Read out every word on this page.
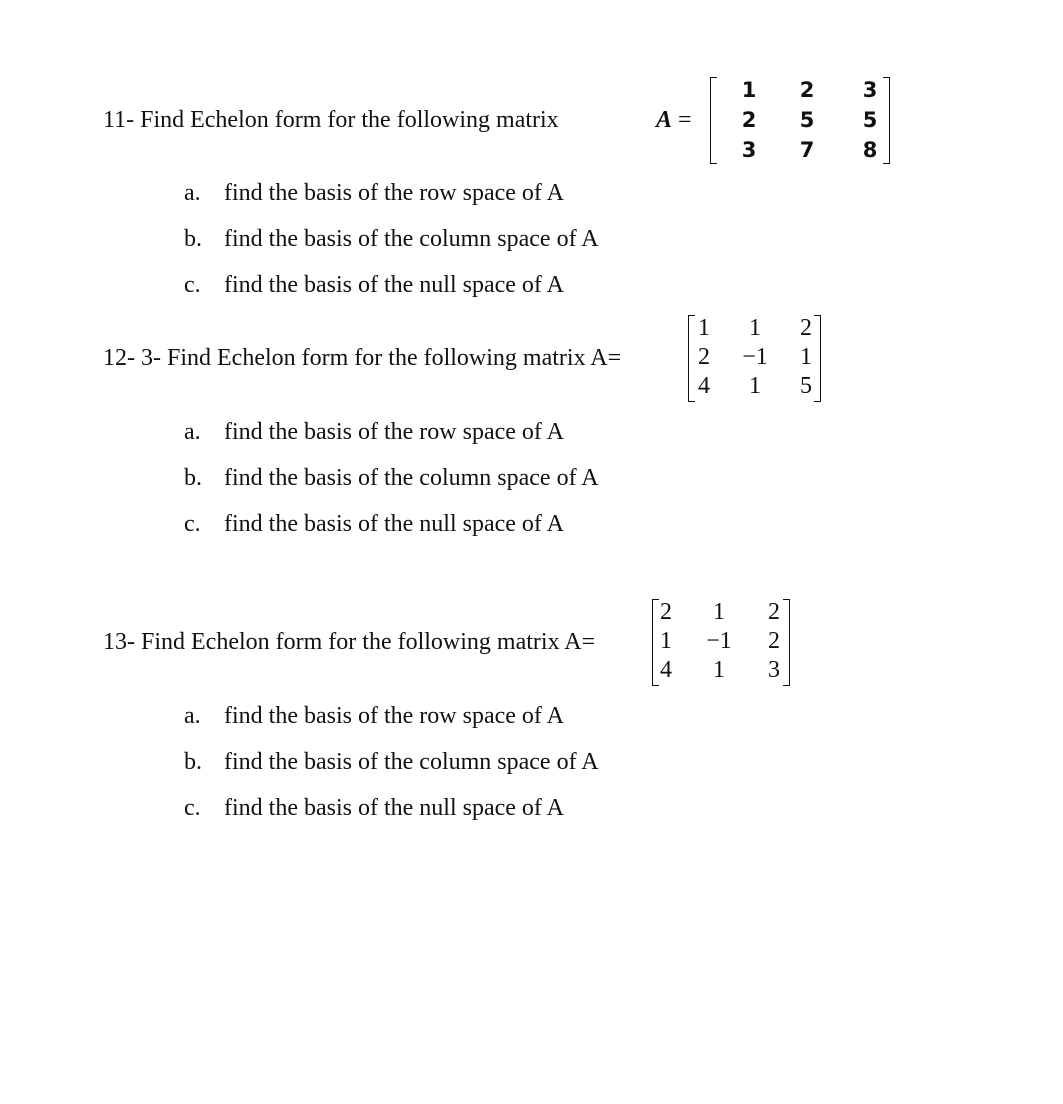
11- Find Echelon form for the following matrix	A =
1	2	3
2	5	5
3	7	8
a. find the basis of the row space of A
b. find the basis of the column space of A
c. find the basis of the null space of A
12- 3- Find Echelon form for the following matrix A=
1	1	2
2	−1	1
4	1	5
a. find the basis of the row space of A
b. find the basis of the column space of A
c. find the basis of the null space of A
13- Find Echelon form for the following matrix A=
2	1	2
1	−1	2
4	1	3
a. find the basis of the row space of A
b. find the basis of the column space of A
c. find the basis of the null space of A
